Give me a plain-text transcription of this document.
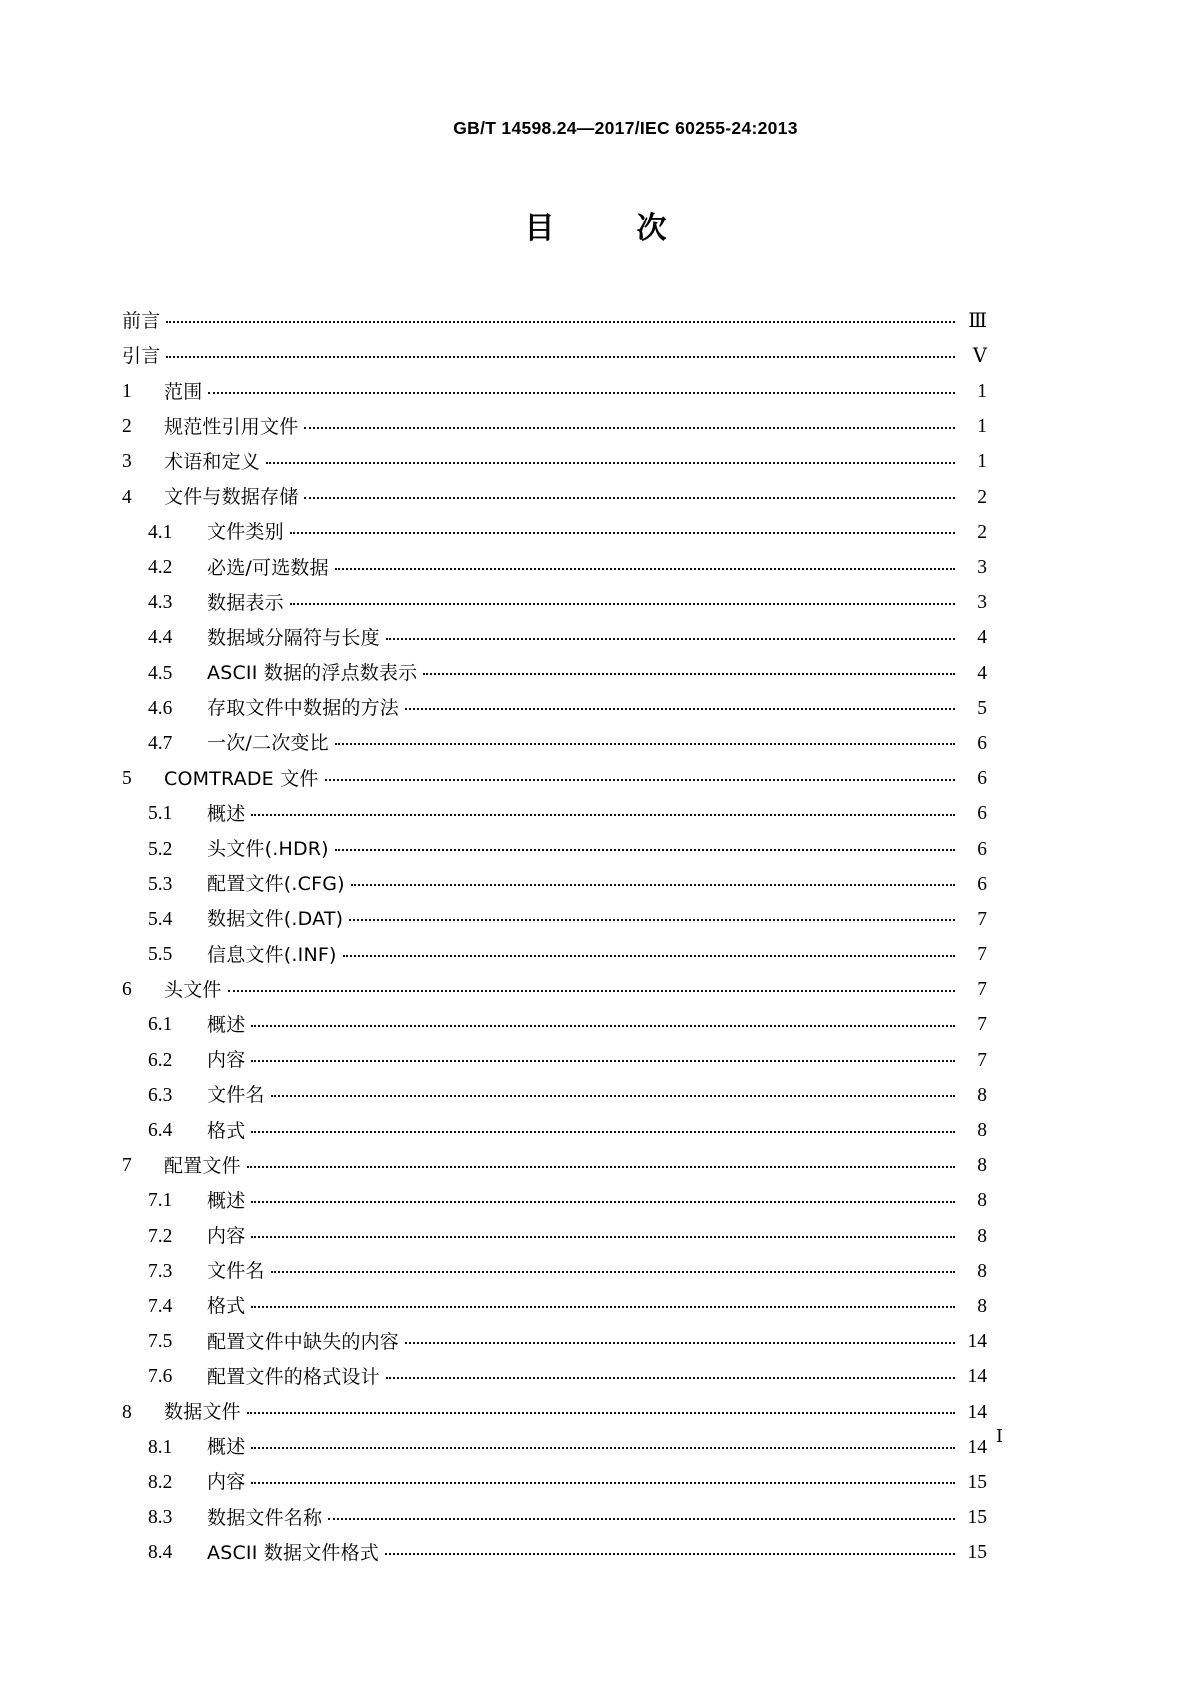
GB/T 14598.24—2017/IEC 60255-24:2013
目　次
前言	Ⅲ
引言	Ⅴ
1	范围	1
2	规范性引用文件	1
3	术语和定义	1
4	文件与数据存储	2
4.1	文件类别	2
4.2	必选/可选数据	3
4.3	数据表示	3
4.4	数据域分隔符与长度	4
4.5	ASCII 数据的浮点数表示	4
4.6	存取文件中数据的方法	5
4.7	一次/二次变比	6
5	COMTRADE 文件	6
5.1	概述	6
5.2	头文件(.HDR)	6
5.3	配置文件(.CFG)	6
5.4	数据文件(.DAT)	7
5.5	信息文件(.INF)	7
6	头文件	7
6.1	概述	7
6.2	内容	7
6.3	文件名	8
6.4	格式	8
7	配置文件	8
7.1	概述	8
7.2	内容	8
7.3	文件名	8
7.4	格式	8
7.5	配置文件中缺失的内容	14
7.6	配置文件的格式设计	14
8	数据文件	14
8.1	概述	14
8.2	内容	15
8.3	数据文件名称	15
8.4	ASCII 数据文件格式	15
Ⅰ
